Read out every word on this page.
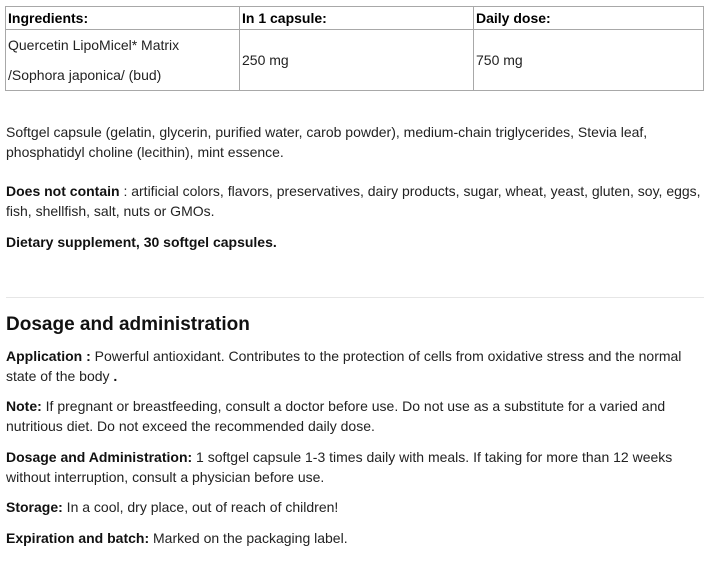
Ingredients:	In 1 capsule:	Daily dose:

Quercetin LipoMicel* Matrix
/Sophora japonica/ (bud)	250 mg	750 mg

Softgel capsule (gelatin, glycerin, purified water, carob powder), medium-chain triglycerides, Stevia leaf, phosphatidyl choline (lecithin), mint essence.

Does not contain : artificial colors, flavors, preservatives, dairy products, sugar, wheat, yeast, gluten, soy, eggs, fish, shellfish, salt, nuts or GMOs.

Dietary supplement, 30 softgel capsules.

Dosage and administration

Application : Powerful antioxidant. Contributes to the protection of cells from oxidative stress and the normal state of the body .

Note: If pregnant or breastfeeding, consult a doctor before use. Do not use as a substitute for a varied and nutritious diet. Do not exceed the recommended daily dose.

Dosage and Administration: 1 softgel capsule 1-3 times daily with meals. If taking for more than 12 weeks without interruption, consult a physician before use.

Storage: In a cool, dry place, out of reach of children!

Expiration and batch: Marked on the packaging label.
